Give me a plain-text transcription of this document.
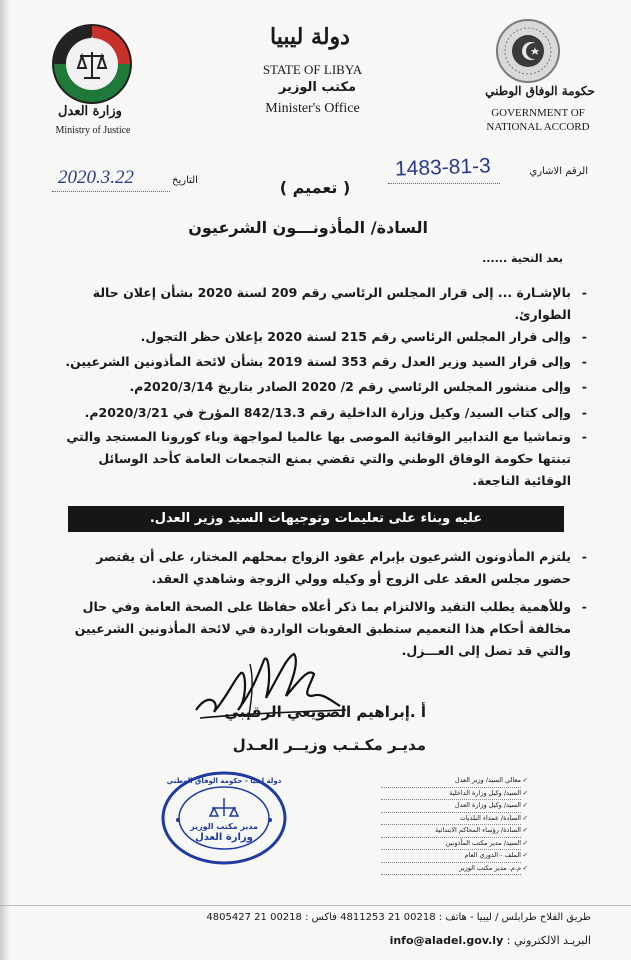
وزارة العدل
Ministry of Justice
دولة ليبيا
STATE OF LIBYA
مكتب الوزير
Minister's Office
حكومة الوفاق الوطني
GOVERNMENT OF
NATIONAL ACCORD
الرقم الاشاري
1483-81-3
التاريخ
2020.3.22	( تعميم )
السادة/ المأذونـــون الشرعيون
بعد التحية ......
-
بالإشـارة ... إلى قرار المجلس الرئاسي رقم 209 لسنة 2020 بشأن إعلان حالة الطوارئ.
-
وإلى قرار المجلس الرئاسي رقم 215 لسنة 2020 بإعلان حظر التجول.
-
وإلى قرار السيد وزير العدل رقم 353 لسنة 2019 بشأن لائحة المأذونين الشرعيين.
-
وإلى منشور المجلس الرئاسي رقم 2/ 2020 الصادر بتاريخ 2020/3/14م.
-
وإلى كتاب السيد/ وكيل وزارة الداخلية رقم 842/13.3 المؤرخ في 2020/3/21م.
-
وتماشيا مع التدابير الوقائية الموصى بها عالميا لمواجهة وباء كورونا المستجد والتي تبنتها حكومة الوفاق الوطني والتي تقضي بمنع التجمعات العامة كأحد الوسائل الوقائية الناجعة.
عليه وبناء على تعليمات وتوجيهات السيد وزير العدل.
-
يلتزم المأذونون الشرعيون بإبرام عقود الزواج بمحلهم المختار، على أن يقتصر حضور مجلس العقد على الزوج أو وكيله وولي الزوجة وشاهدي العقد.
-
وللأهمية يطلب التقيد والالتزام بما ذكر أعلاه حفاظا على الصحة العامة وفي حال مخالفة أحكام هذا التعميم ستطبق العقوبات الواردة في لائحة المأذونين الشرعيين والتي قد تصل إلى العـــزل.
أ .إبراهيم الصويعي الرقيبي
مديـر مكـتـب وزيــر العـدل
دولة ليبيا - حكومة الوفاق الوطني
مدير مكتب الوزير
وزارة العدل
✓
معالي السيد/ وزير العدل
✓
السيد/ وكيل وزارة الداخلية
✓
السيد/ وكيل وزارة العدل
✓
السادة/ عمداء البلديات
✓
السادة/ رؤساء المحاكم الابتدائية
✓
السيد/ مدير مكتب المأذونين
✓
الملف - الدوري العام
✓
م.م. مدير مكتب الوزير
طريق الفلاح طرابلس / ليبيا - هاتف : 00218 21 4811253 فاكس : 00218 21 4805427
البريـد الالكتروني : info@aladel.gov.ly
